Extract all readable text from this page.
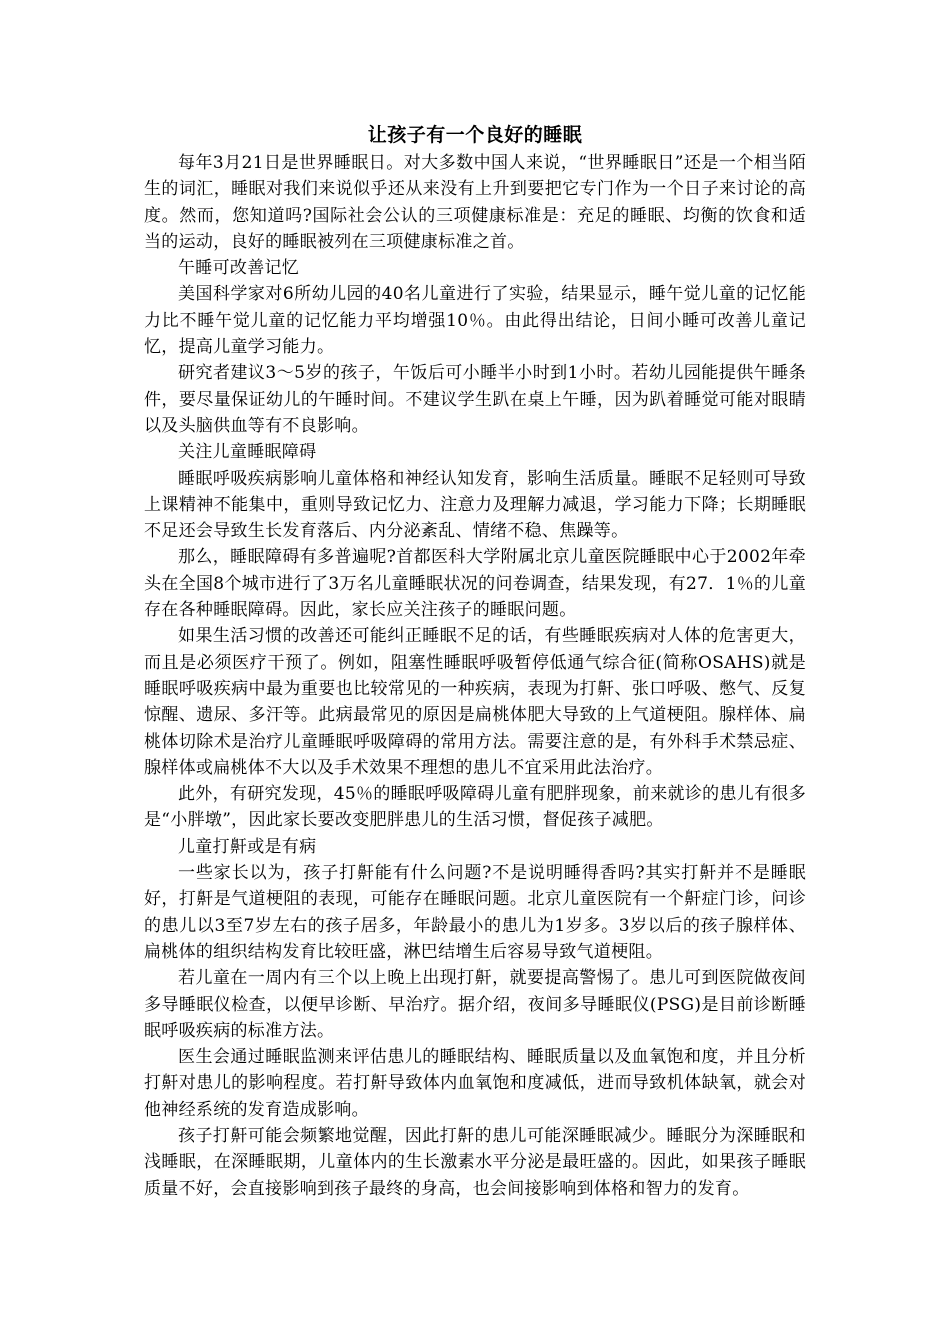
让孩子有一个良好的睡眠

每年3月21日是世界睡眠日。对大多数中国人来说，“世界睡眠日”还是一个相当陌生的词汇，睡眠对我们来说似乎还从来没有上升到要把它专门作为一个日子来讨论的高度。然而，您知道吗?国际社会公认的三项健康标准是：充足的睡眠、均衡的饮食和适当的运动，良好的睡眠被列在三项健康标准之首。

午睡可改善记忆

美国科学家对6所幼儿园的40名儿童进行了实验，结果显示，睡午觉儿童的记忆能力比不睡午觉儿童的记忆能力平均增强10％。由此得出结论，日间小睡可改善儿童记忆，提高儿童学习能力。

研究者建议3～5岁的孩子，午饭后可小睡半小时到1小时。若幼儿园能提供午睡条件，要尽量保证幼儿的午睡时间。不建议学生趴在桌上午睡，因为趴着睡觉可能对眼睛以及头脑供血等有不良影响。

关注儿童睡眠障碍

睡眠呼吸疾病影响儿童体格和神经认知发育，影响生活质量。睡眠不足轻则可导致上课精神不能集中，重则导致记忆力、注意力及理解力减退，学习能力下降；长期睡眠不足还会导致生长发育落后、内分泌紊乱、情绪不稳、焦躁等。

那么，睡眠障碍有多普遍呢?首都医科大学附属北京儿童医院睡眠中心于2002年牵头在全国8个城市进行了3万名儿童睡眠状况的问卷调查，结果发现，有27．1％的儿童存在各种睡眠障碍。因此，家长应关注孩子的睡眠问题。

如果生活习惯的改善还可能纠正睡眠不足的话，有些睡眠疾病对人体的危害更大，而且是必须医疗干预了。例如，阻塞性睡眠呼吸暂停低通气综合征(简称OSAHS)就是睡眠呼吸疾病中最为重要也比较常见的一种疾病，表现为打鼾、张口呼吸、憋气、反复惊醒、遗尿、多汗等。此病最常见的原因是扁桃体肥大导致的上气道梗阻。腺样体、扁桃体切除术是治疗儿童睡眠呼吸障碍的常用方法。需要注意的是，有外科手术禁忌症、腺样体或扁桃体不大以及手术效果不理想的患儿不宜采用此法治疗。

此外，有研究发现，45％的睡眠呼吸障碍儿童有肥胖现象，前来就诊的患儿有很多是“小胖墩”，因此家长要改变肥胖患儿的生活习惯，督促孩子减肥。

儿童打鼾或是有病

一些家长以为，孩子打鼾能有什么问题?不是说明睡得香吗?其实打鼾并不是睡眠好，打鼾是气道梗阻的表现，可能存在睡眠问题。北京儿童医院有一个鼾症门诊，问诊的患儿以3至7岁左右的孩子居多，年龄最小的患儿为1岁多。3岁以后的孩子腺样体、扁桃体的组织结构发育比较旺盛，淋巴结增生后容易导致气道梗阻。

若儿童在一周内有三个以上晚上出现打鼾，就要提高警惕了。患儿可到医院做夜间多导睡眠仪检查，以便早诊断、早治疗。据介绍，夜间多导睡眠仪(PSG)是目前诊断睡眠呼吸疾病的标准方法。

医生会通过睡眠监测来评估患儿的睡眠结构、睡眠质量以及血氧饱和度，并且分析打鼾对患儿的影响程度。若打鼾导致体内血氧饱和度减低，进而导致机体缺氧，就会对他神经系统的发育造成影响。

孩子打鼾可能会频繁地觉醒，因此打鼾的患儿可能深睡眠减少。睡眠分为深睡眠和浅睡眠，在深睡眠期，儿童体内的生长激素水平分泌是最旺盛的。因此，如果孩子睡眠质量不好，会直接影响到孩子最终的身高，也会间接影响到体格和智力的发育。
